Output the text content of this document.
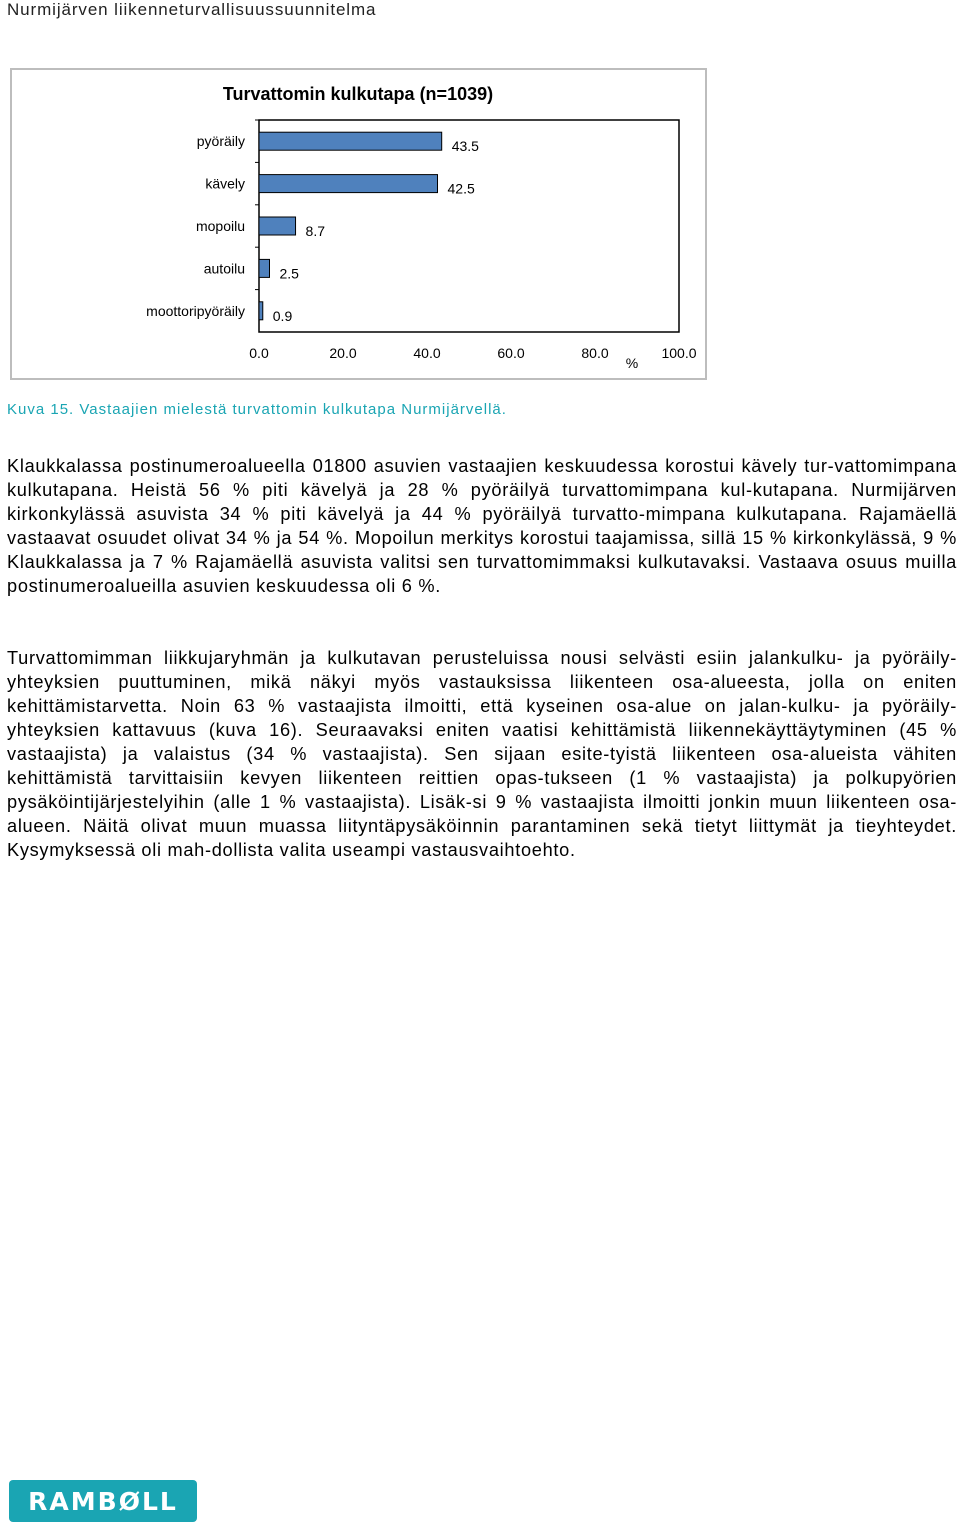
Nurmijärven liikenneturvallisuussuunnitelma
Turvattomin kulkutapa (n=1039)
pyöräily	43.5
kävely	42.5
mopoilu	8.7
autoilu 2.5
moottoripyöräily 0.9
0.0	20.0	40.0	60.0	80.0	100.0
%
Kuva 15. Vastaajien mielestä turvattomin kulkutapa Nurmijärvellä.

Klaukkalassa postinumeroalueella 01800 asuvien vastaajien keskuudessa korostui kävely tur-vattomimpana kulkutapana. Heistä 56 % piti kävelyä ja 28 % pyöräilyä turvattomimpana kul-kutapana. Nurmijärven kirkonkylässä asuvista 34 % piti kävelyä ja 44 % pyöräilyä turvatto-mimpana kulkutapana. Rajamäellä vastaavat osuudet olivat 34 % ja 54 %. Mopoilun merkitys korostui taajamissa, sillä 15 % kirkonkylässä, 9 % Klaukkalassa ja 7 % Rajamäellä asuvista valitsi sen turvattomimmaksi kulkutavaksi. Vastaava osuus muilla postinumeroalueilla asuvien keskuudessa oli 6 %.

Turvattomimman liikkujaryhmän ja kulkutavan perusteluissa nousi selvästi esiin jalankulku- ja pyöräily-yhteyksien puuttuminen, mikä näkyi myös vastauksissa liikenteen osa-alueesta, jolla on eniten kehittämistarvetta. Noin 63 % vastaajista ilmoitti, että kyseinen osa-alue on jalan-kulku- ja pyöräily-yhteyksien kattavuus (kuva 16). Seuraavaksi eniten vaatisi kehittämistä liikennekäyttäytyminen (45 % vastaajista) ja valaistus (34 % vastaajista). Sen sijaan esite-tyistä liikenteen osa-alueista vähiten kehittämistä tarvittaisiin kevyen liikenteen reittien opas-tukseen (1 % vastaajista) ja polkupyörien pysäköintijärjestelyihin (alle 1 % vastaajista). Lisäk-si 9 % vastaajista ilmoitti jonkin muun liikenteen osa-alueen. Näitä olivat muun muassa liityntäpysäköinnin parantaminen sekä tietyt liittymät ja tieyhteydet. Kysymyksessä oli mah-dollista valita useampi vastausvaihtoehto.

RAMBØLL
